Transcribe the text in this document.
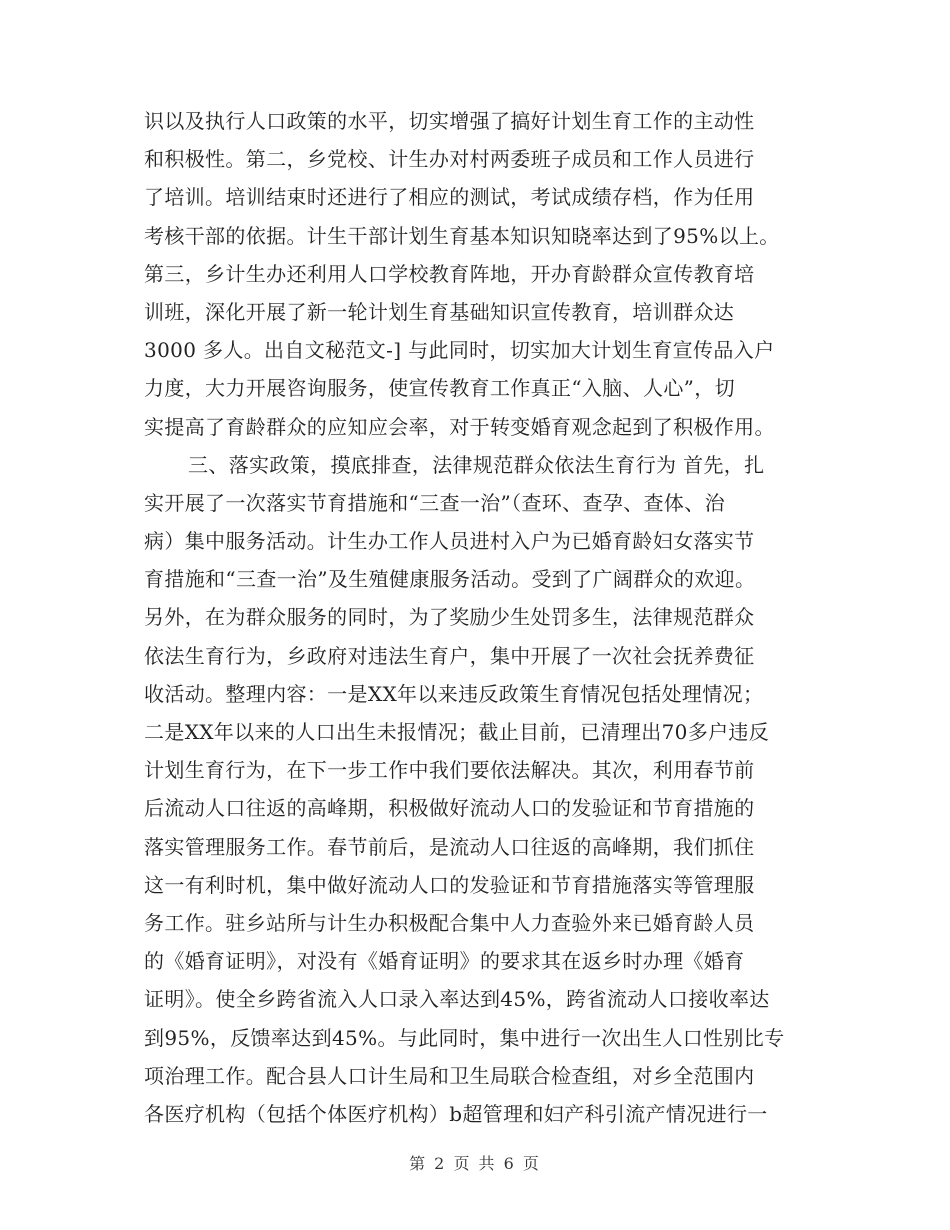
识以及执行人口政策的水平，切实增强了搞好计划生育工作的主动性
和积极性。第二，乡党校、计生办对村两委班子成员和工作人员进行
了培训。培训结束时还进行了相应的测试，考试成绩存档，作为任用
考核干部的依据。计生干部计划生育基本知识知晓率达到了95%以上。
第三，乡计生办还利用人口学校教育阵地，开办育龄群众宣传教育培
训班，深化开展了新一轮计划生育基础知识宣传教育，培训群众达
3000 多人。出自文秘范文-] 与此同时，切实加大计划生育宣传品入户
力度，大力开展咨询服务，使宣传教育工作真正“入脑、人心”，切
实提高了育龄群众的应知应会率，对于转变婚育观念起到了积极作用。
三、落实政策，摸底排查，法律规范群众依法生育行为 首先，扎
实开展了一次落实节育措施和“三查一治”（查环、查孕、查体、治
病）集中服务活动。计生办工作人员进村入户为已婚育龄妇女落实节
育措施和“三查一治”及生殖健康服务活动。受到了广阔群众的欢迎。
另外，在为群众服务的同时，为了奖励少生处罚多生，法律规范群众
依法生育行为，乡政府对违法生育户，集中开展了一次社会抚养费征
收活动。整理内容：一是XX年以来违反政策生育情况包括处理情况；
二是XX年以来的人口出生未报情况；截止目前，已清理出70多户违反
计划生育行为，在下一步工作中我们要依法解决。其次，利用春节前
后流动人口往返的高峰期，积极做好流动人口的发验证和节育措施的
落实管理服务工作。春节前后，是流动人口往返的高峰期，我们抓住
这一有利时机，集中做好流动人口的发验证和节育措施落实等管理服
务工作。驻乡站所与计生办积极配合集中人力查验外来已婚育龄人员
的《婚育证明》，对没有《婚育证明》的要求其在返乡时办理《婚育
证明》。使全乡跨省流入人口录入率达到45%，跨省流动人口接收率达
到95%，反馈率达到45%。与此同时，集中进行一次出生人口性别比专
项治理工作。配合县人口计生局和卫生局联合检查组，对乡全范围内
各医疗机构（包括个体医疗机构）b超管理和妇产科引流产情况进行一
第 2 页 共 6 页
